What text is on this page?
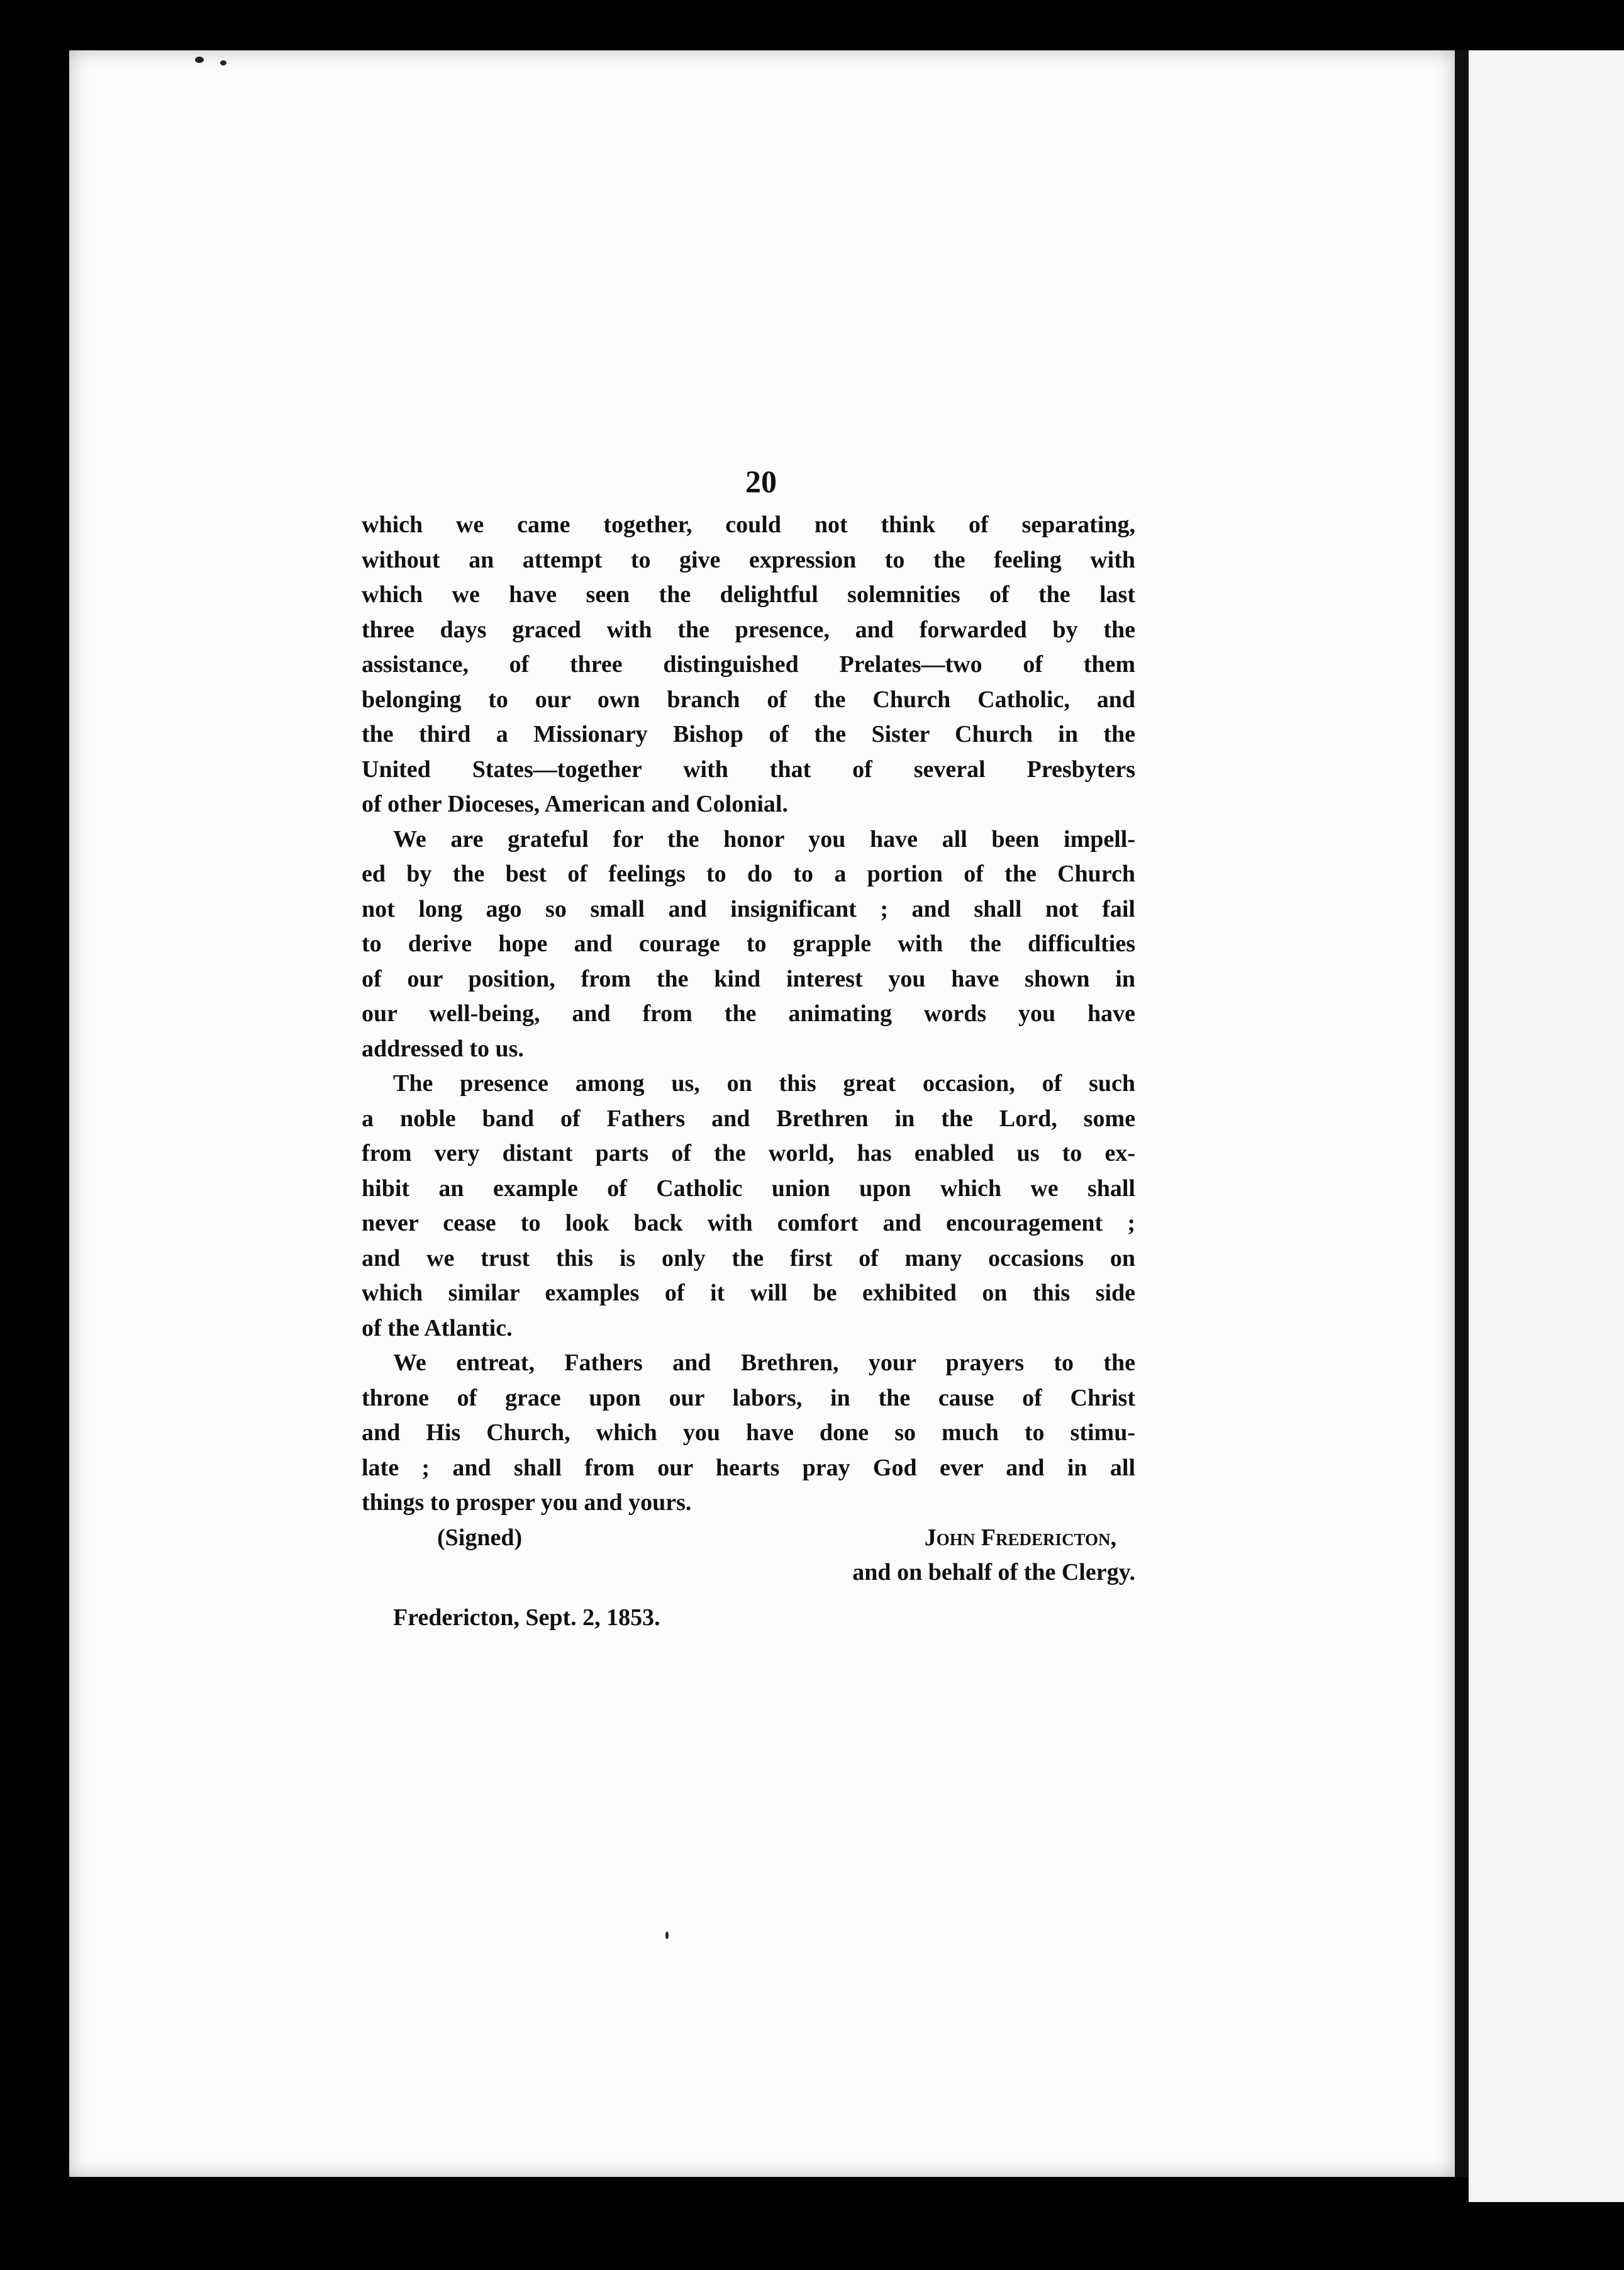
20
which we came together, could not think of separating,
without an attempt to give expression to the feeling with
which we have seen the delightful solemnities of the last
three days graced with the presence, and forwarded by the
assistance, of three distinguished Prelates—two of them
belonging to our own branch of the Church Catholic, and
the third a Missionary Bishop of the Sister Church in the
United States—together with that of several Presbyters
of other Dioceses, American and Colonial.
We are grateful for the honor you have all been impell-
ed by the best of feelings to do to a portion of the Church
not long ago so small and insignificant ; and shall not fail
to derive hope and courage to grapple with the difficulties
of our position, from the kind interest you have shown in
our well-being, and from the animating words you have
addressed to us.
The presence among us, on this great occasion, of such
a noble band of Fathers and Brethren in the Lord, some
from very distant parts of the world, has enabled us to ex-
hibit an example of Catholic union upon which we shall
never cease to look back with comfort and encouragement ;
and we trust this is only the first of many occasions on
which similar examples of it will be exhibited on this side
of the Atlantic.
We entreat, Fathers and Brethren, your prayers to the
throne of grace upon our labors, in the cause of Christ
and His Church, which you have done so much to stimu-
late ; and shall from our hearts pray God ever and in all
things to prosper you and yours.
(Signed)	John Fredericton,
and on behalf of the Clergy.
Fredericton, Sept. 2, 1853.
